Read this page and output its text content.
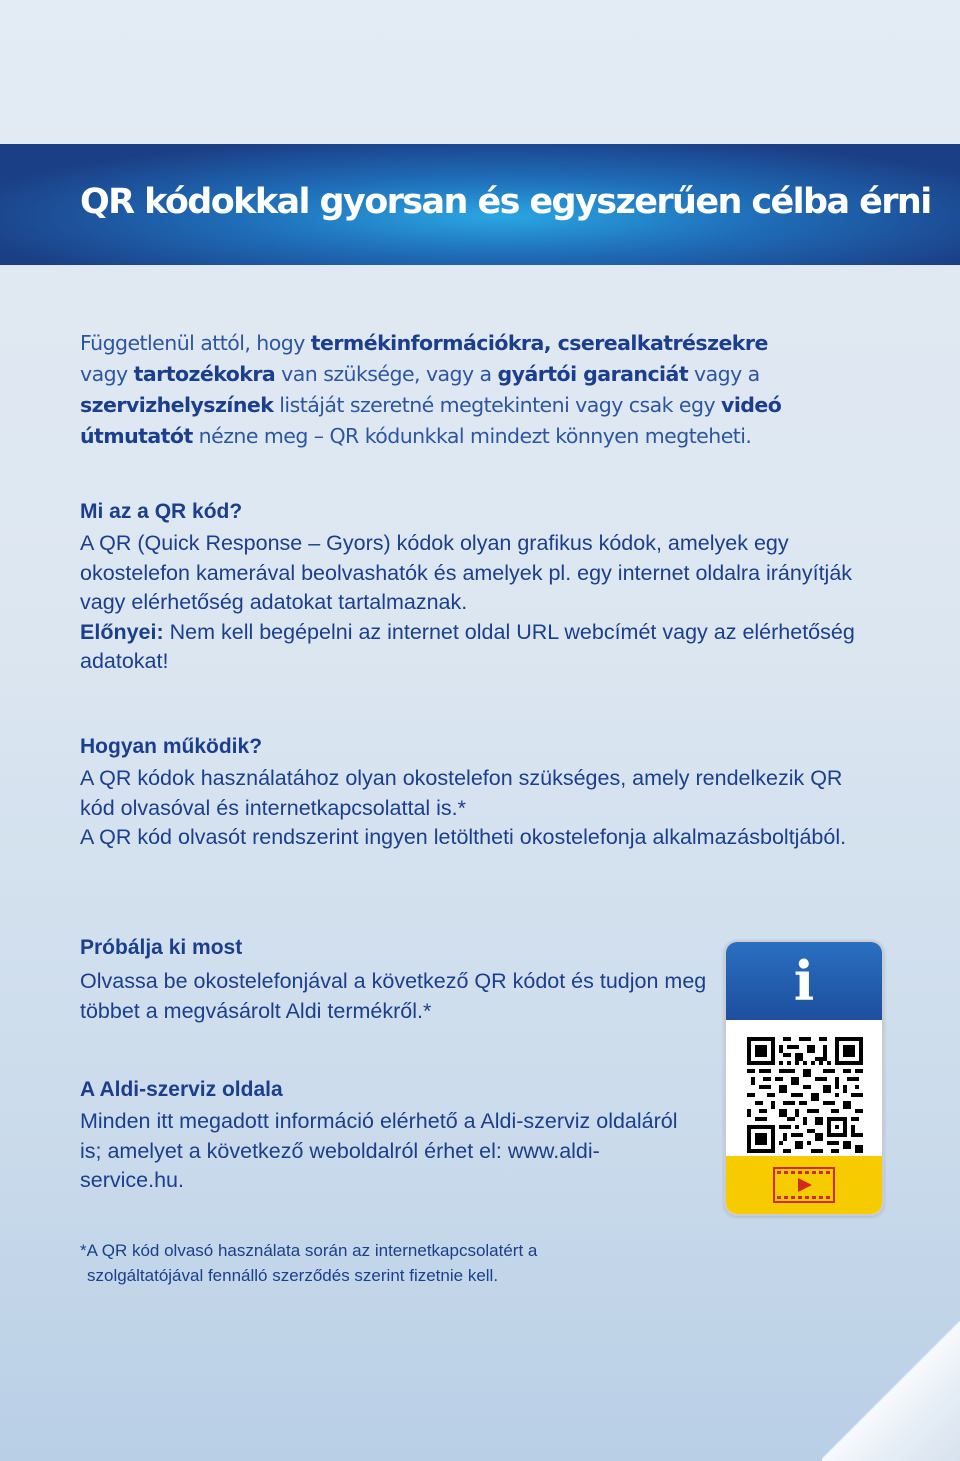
QR kódokkal gyorsan és egyszerűen célba érni

Függetlenül attól, hogy termékinformációkra, cserealkatrészekre
vagy tartozékokra van szüksége, vagy a gyártói garanciát vagy a
szervizhelyszínek listáját szeretné megtekinteni vagy csak egy videó útmutatót nézne meg – QR kódunkkal mindezt könnyen megteheti.

Mi az a QR kód?

A QR (Quick Response – Gyors) kódok olyan grafikus kódok, amelyek egy okostelefon kamerával beolvashatók és amelyek pl. egy internet oldalra irányítják vagy elérhetőség adatokat tartalmaznak.

Előnyei: Nem kell begépelni az internet oldal URL webcímét vagy az elérhetőség adatokat!

Hogyan működik?

A QR kódok használatához olyan okostelefon szükséges, amely rendelkezik QR kód olvasóval és internetkapcsolattal is.*

A QR kód olvasót rendszerint ingyen letöltheti okostelefonja alkalmazásboltjából.

Próbálja ki most

Olvassa be okostelefonjával a következő QR kódot és tudjon meg többet a megvásárolt Aldi termékről.*

A Aldi-szerviz oldala

Minden itt megadott információ elérhető a Aldi-szerviz oldaláról is; amelyet a következő weboldalról érhet el: www.aldi-service.hu.

*A QR kód olvasó használata során az internetkapcsolatért a
szolgáltatójával fennálló szerződés szerint fizetnie kell.

i
